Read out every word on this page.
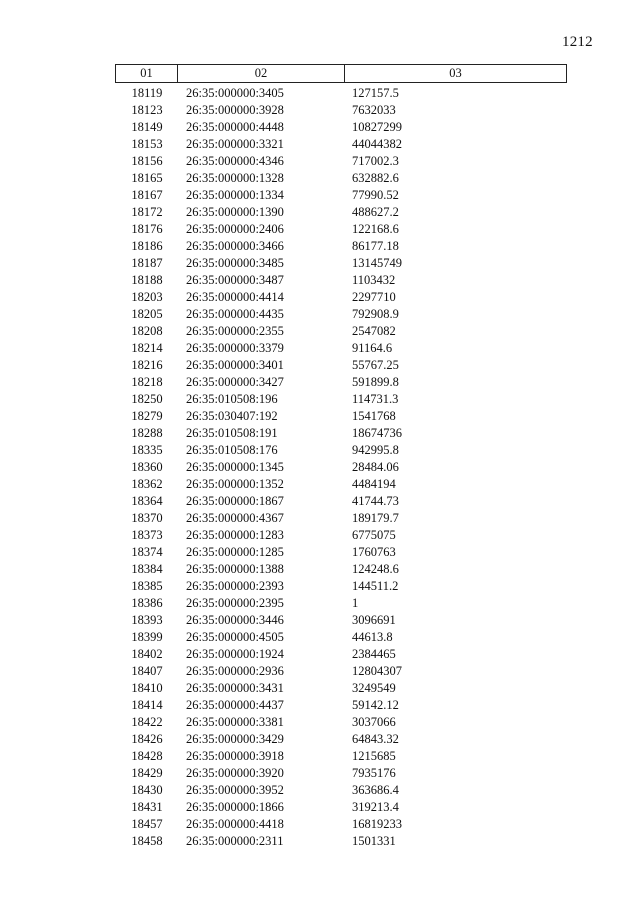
1212
01	02	03
18119	26:35:000000:3405	127157.5
18123	26:35:000000:3928	7632033
18149	26:35:000000:4448	10827299
18153	26:35:000000:3321	44044382
18156	26:35:000000:4346	717002.3
18165	26:35:000000:1328	632882.6
18167	26:35:000000:1334	77990.52
18172	26:35:000000:1390	488627.2
18176	26:35:000000:2406	122168.6
18186	26:35:000000:3466	86177.18
18187	26:35:000000:3485	13145749
18188	26:35:000000:3487	1103432
18203	26:35:000000:4414	2297710
18205	26:35:000000:4435	792908.9
18208	26:35:000000:2355	2547082
18214	26:35:000000:3379	91164.6
18216	26:35:000000:3401	55767.25
18218	26:35:000000:3427	591899.8
18250	26:35:010508:196	114731.3
18279	26:35:030407:192	1541768
18288	26:35:010508:191	18674736
18335	26:35:010508:176	942995.8
18360	26:35:000000:1345	28484.06
18362	26:35:000000:1352	4484194
18364	26:35:000000:1867	41744.73
18370	26:35:000000:4367	189179.7
18373	26:35:000000:1283	6775075
18374	26:35:000000:1285	1760763
18384	26:35:000000:1388	124248.6
18385	26:35:000000:2393	144511.2
18386	26:35:000000:2395	1
18393	26:35:000000:3446	3096691
18399	26:35:000000:4505	44613.8
18402	26:35:000000:1924	2384465
18407	26:35:000000:2936	12804307
18410	26:35:000000:3431	3249549
18414	26:35:000000:4437	59142.12
18422	26:35:000000:3381	3037066
18426	26:35:000000:3429	64843.32
18428	26:35:000000:3918	1215685
18429	26:35:000000:3920	7935176
18430	26:35:000000:3952	363686.4
18431	26:35:000000:1866	319213.4
18457	26:35:000000:4418	16819233
18458	26:35:000000:2311	1501331
